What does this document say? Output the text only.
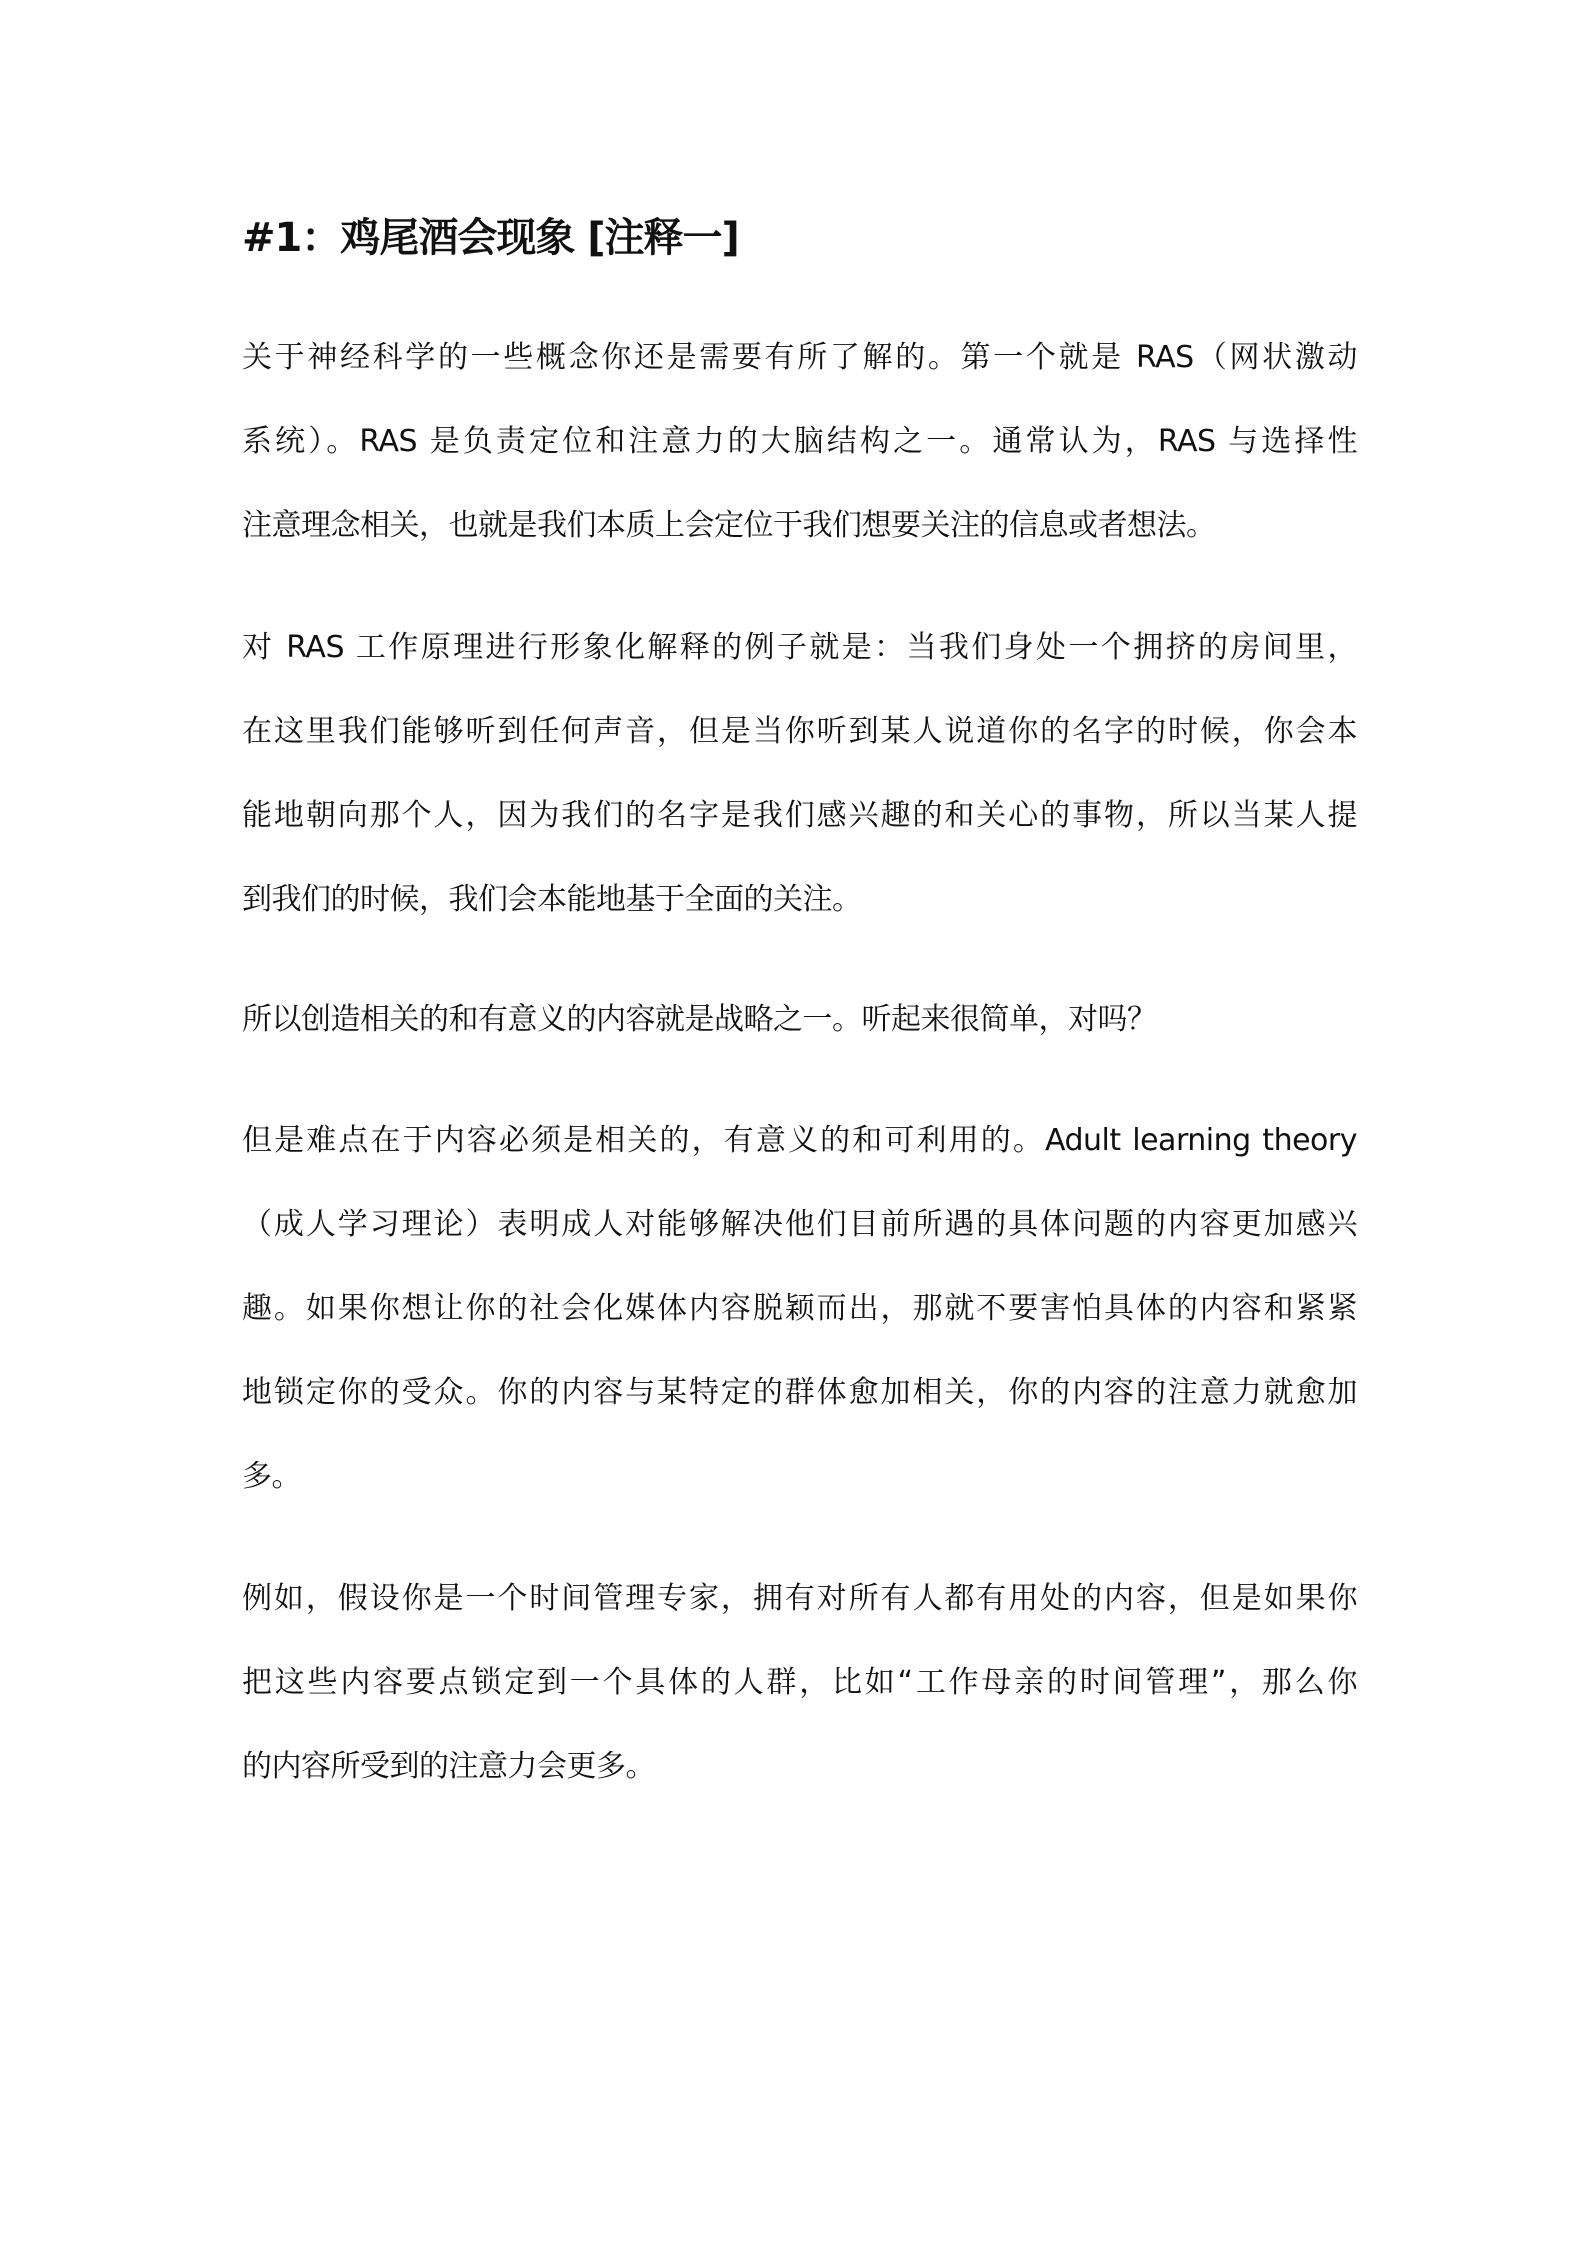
#1：鸡尾酒会现象 [注释一]
关于神经科学的一些概念你还是需要有所了解的。第一个就是 RAS（网状激动
系统）。RAS 是负责定位和注意力的大脑结构之一。通常认为，RAS 与选择性
注意理念相关，也就是我们本质上会定位于我们想要关注的信息或者想法。
对 RAS 工作原理进行形象化解释的例子就是：当我们身处一个拥挤的房间里，
在这里我们能够听到任何声音，但是当你听到某人说道你的名字的时候，你会本
能地朝向那个人，因为我们的名字是我们感兴趣的和关心的事物，所以当某人提
到我们的时候，我们会本能地基于全面的关注。
所以创造相关的和有意义的内容就是战略之一。听起来很简单，对吗？
但是难点在于内容必须是相关的，有意义的和可利用的。Adult learning theory
（成人学习理论）表明成人对能够解决他们目前所遇的具体问题的内容更加感兴
趣。如果你想让你的社会化媒体内容脱颖而出，那就不要害怕具体的内容和紧紧
地锁定你的受众。你的内容与某特定的群体愈加相关，你的内容的注意力就愈加
多。
例如，假设你是一个时间管理专家，拥有对所有人都有用处的内容，但是如果你
把这些内容要点锁定到一个具体的人群，比如“工作母亲的时间管理”，那么你
的内容所受到的注意力会更多。
